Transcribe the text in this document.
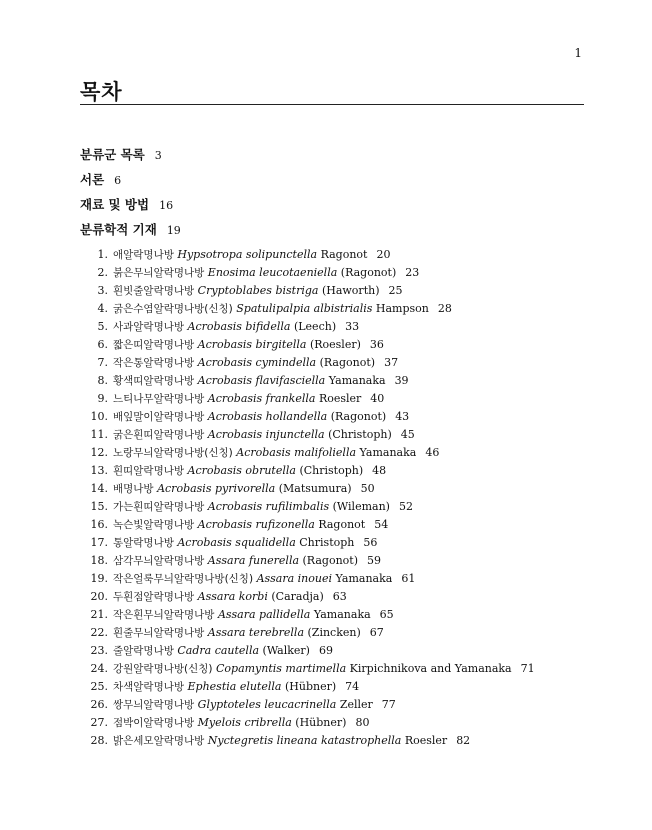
1
목차
분류군 목록 3
서론 6
재료 및 방법 16
분류학적 기재 19
1. 애알락명나방 Hypsotropa solipunctella Ragonot 20
2. 붉은무늬알락명나방 Enosima leucotaeniella (Ragonot) 23
3. 흰빗줄알락명나방 Cryptoblabes bistriga (Haworth) 25
4. 굵은수염알락명나방(신칭) Spatulipalpia albistrialis Hampson 28
5. 사과알락명나방 Acrobasis bifidella (Leech) 33
6. 짧은띠알락명나방 Acrobasis birgitella (Roesler) 36
7. 작은통알락명나방 Acrobasis cymindella (Ragonot) 37
8. 황색띠알락명나방 Acrobasis flavifasciella Yamanaka 39
9. 느티나무알락명나방 Acrobasis frankella Roesler 40
10. 배잎말이알락명나방 Acrobasis hollandella (Ragonot) 43
11. 굵은흰띠알락명나방 Acrobasis injunctella (Christoph) 45
12. 노랑무늬알락명나방(신칭) Acrobasis malifoliella Yamanaka 46
13. 흰띠알락명나방 Acrobasis obrutella (Christoph) 48
14. 배명나방 Acrobasis pyrivorella (Matsumura) 50
15. 가는흰띠알락명나방 Acrobasis rufilimbalis (Wileman) 52
16. 녹슨빛알락명나방 Acrobasis rufizonella Ragonot 54
17. 통알락명나방 Acrobasis squalidella Christoph 56
18. 삼각무늬알락명나방 Assara funerella (Ragonot) 59
19. 작은얼룩무늬알락명나방(신칭) Assara inouei Yamanaka 61
20. 두흰점알락명나방 Assara korbi (Caradja) 63
21. 작은흰무늬알락명나방 Assara pallidella Yamanaka 65
22. 흰줄무늬알락명나방 Assara terebrella (Zincken) 67
23. 줄알락명나방 Cadra cautella (Walker) 69
24. 강원알락명나방(신칭) Copamyntis martimella Kirpichnikova and Yamanaka 71
25. 차색알락명나방 Ephestia elutella (Hübner) 74
26. 쌍무늬알락명나방 Glyptoteles leucacrinella Zeller 77
27. 점박이알락명나방 Myelois cribrella (Hübner) 80
28. 밝은세모알락명나방 Nyctegretis lineana katastrophella Roesler 82
